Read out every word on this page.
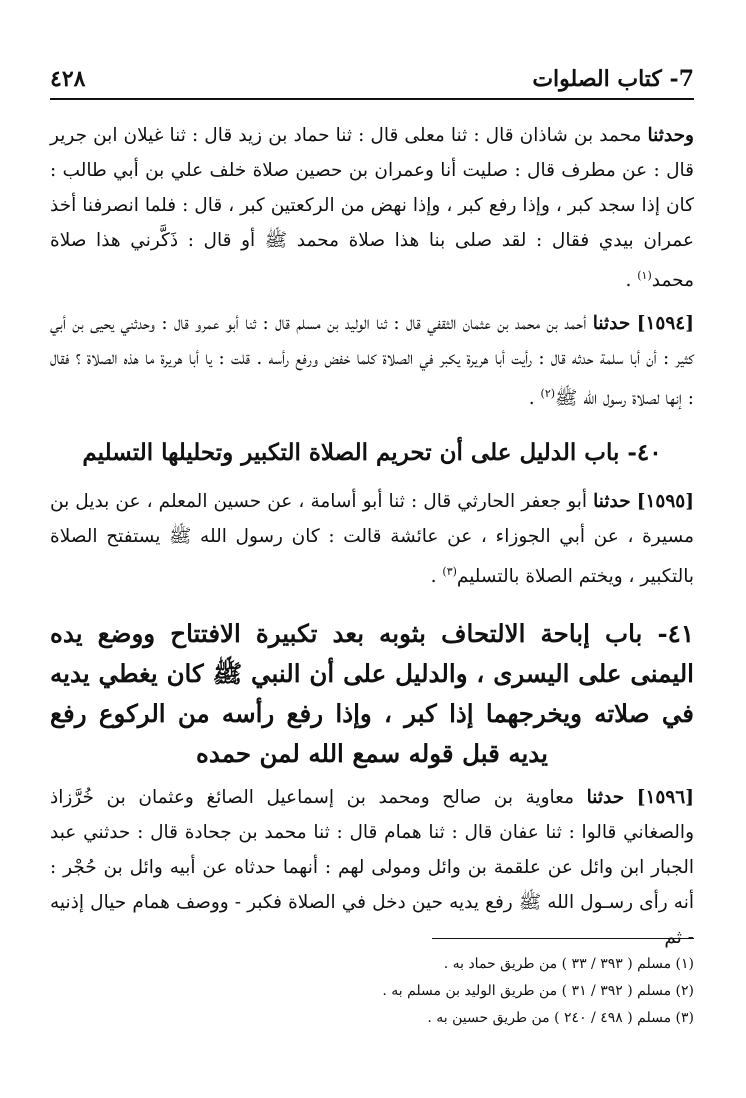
٤٢٨	7- كتاب الصلوات

وحدثنا محمد بن شاذان قال : ثنا معلى قال : ثنا حماد بن زيد قال : ثنا غيلان ابن جرير قال : عن مطرف قال : صليت أنا وعمران بن حصين صلاة خلف علي بن أبي طالب : كان إذا سجد كبر ، وإذا رفع كبر ، وإذا نهض من الركعتين كبر ، قال : فلما انصرفنا أخذ عمران بيدي فقال : لقد صلى بنا هذا صلاة محمد ﷺ أو قال : ذَكَّرني هذا صلاة محمد$^{(١)}$ .

[١٥٩٤] حدثنا أحمد بن محمد بن عثمان الثقفي قال : ثنا الوليد بن مسلم قال : ثنا أبو عمرو قال : وحدثني يحيى بن أبي كثير : أن أبا سلمة حدثه قال : رأيت أبا هريرة يكبر في الصلاة كلما خفض ورفع رأسه . قلت : يا أبا هريرة ما هذه الصلاة ؟ فقال : إنها لصلاة رسول الله ﷺ$^{(٢)}$ .

٤٠- باب الدليل على أن تحريم الصلاة التكبير وتحليلها التسليم

[١٥٩٥] حدثنا أبو جعفر الحارثي قال : ثنا أبو أسامة ، عن حسين المعلم ، عن بديل بن مسيرة ، عن أبي الجوزاء ، عن عائشة قالت : كان رسول الله ﷺ يستفتح الصلاة بالتكبير ، ويختم الصلاة بالتسليم$^{(٣)}$ .

٤١- باب إباحة الالتحاف بثوبه بعد تكبيرة الافتتاح ووضع يده اليمنى على اليسرى ، والدليل على أن النبي ﷺ كان يغطي يديه في صلاته ويخرجهما إذا كبر ، وإذا رفع رأسه من الركوع رفع يديه قبل قوله سمع الله لمن حمده

[١٥٩٦] حدثنا معاوية بن صالح ومحمد بن إسماعيل الصائغ وعثمان بن خُرَّزاذ والصغاني قالوا : ثنا عفان قال : ثنا همام قال : ثنا محمد بن جحادة قال : حدثني عبد الجبار ابن وائل عن علقمة بن وائل ومولى لهم : أنهما حدثاه عن أبيه وائل بن حُجْر : أنه رأى رسـول الله ﷺ رفع يديه حين دخل في الصلاة فكبر - ووصف همام حيال إذنيه - ثم

(١) مسلم ( ٣٩٣ / ٣٣ ) من طريق حماد به .
(٢) مسلم ( ٣٩٢ / ٣١ ) من طريق الوليد بن مسلم به .
(٣) مسلم ( ٤٩٨ / ٢٤٠ ) من طريق حسين به .
